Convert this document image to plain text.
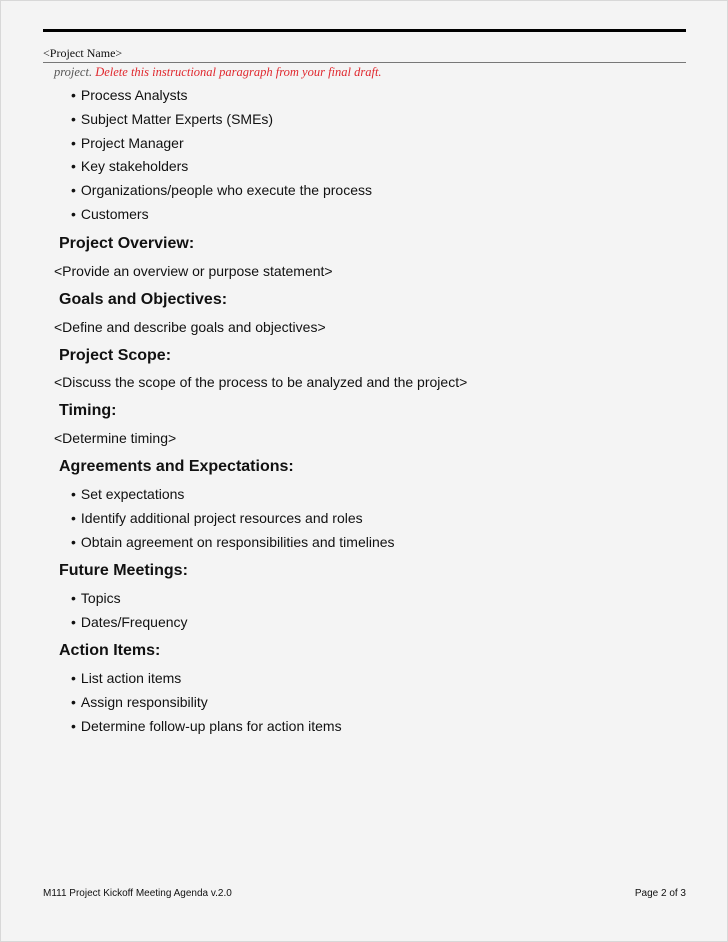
<Project Name>
project. Delete this instructional paragraph from your final draft.
• Process Analysts
• Subject Matter Experts (SMEs)
• Project Manager
• Key stakeholders
• Organizations/people who execute the process
• Customers
Project Overview:

<Provide an overview or purpose statement>

Goals and Objectives:

<Define and describe goals and objectives>

Project Scope:

<Discuss the scope of the process to be analyzed and the project>

Timing:

<Determine timing>

Agreements and Expectations:
• Set expectations
• Identify additional project resources and roles
• Obtain agreement on responsibilities and timelines
Future Meetings:
• Topics
• Dates/Frequency
Action Items:
• List action items
• Assign responsibility
• Determine follow-up plans for action items
M111 Project Kickoff Meeting Agenda v.2.0	Page 2 of 3
